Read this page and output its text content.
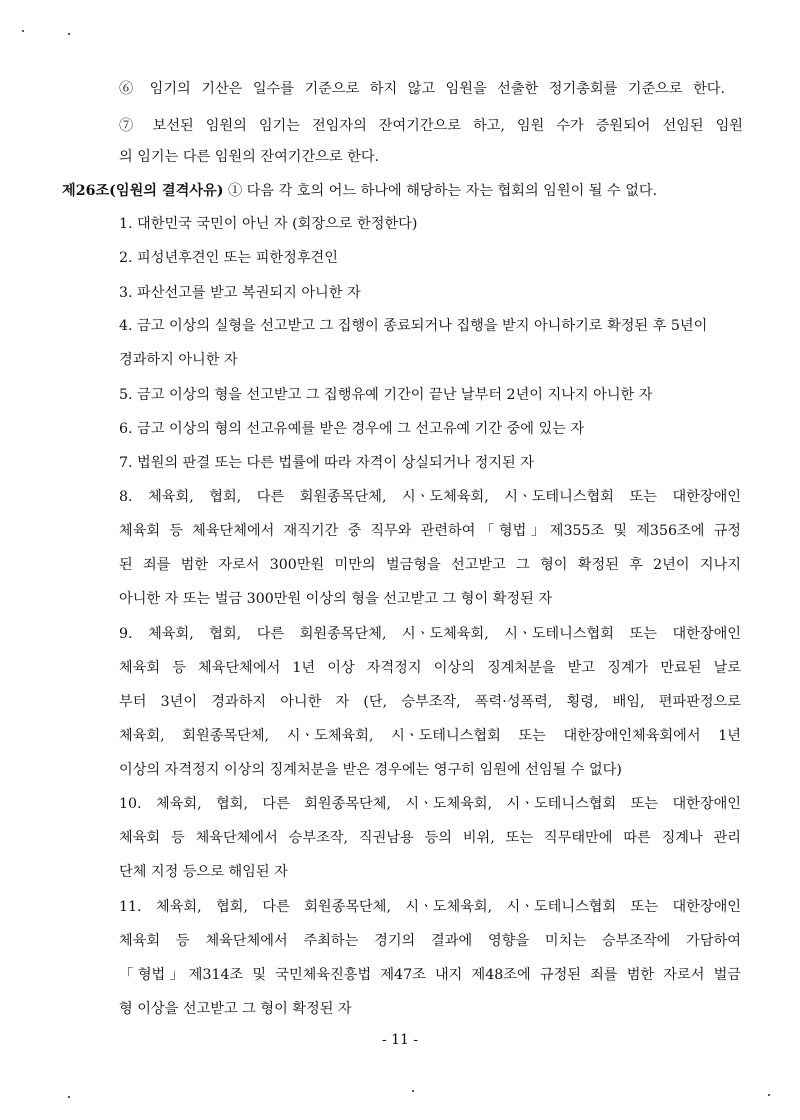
⑥ 임기의 기산은 일수를 기준으로 하지 않고 임원을 선출한 정기총회를 기준으로 한다.
⑦ 보선된 임원의 임기는 전임자의 잔여기간으로 하고, 임원 수가 증원되어 선임된 임원
의 임기는 다른 임원의 잔여기간으로 한다.
제26조(임원의 결격사유) ① 다음 각 호의 어느 하나에 해당하는 자는 협회의 임원이 될 수 없다.
1. 대한민국 국민이 아닌 자 (회장으로 한정한다)
2. 피성년후견인 또는 피한정후견인
3. 파산선고를 받고 복권되지 아니한 자
4. 금고 이상의 실형을 선고받고 그 집행이 종료되거나 집행을 받지 아니하기로 확정된 후 5년이
경과하지 아니한 자
5. 금고 이상의 형을 선고받고 그 집행유예 기간이 끝난 날부터 2년이 지나지 아니한 자
6. 금고 이상의 형의 선고유예를 받은 경우에 그 선고유예 기간 중에 있는 자
7. 법원의 판결 또는 다른 법률에 따라 자격이 상실되거나 정지된 자
8. 체육회, 협회, 다른 회원종목단체, 시ㆍ도체육회, 시ㆍ도테니스협회 또는 대한장애인
체육회 등 체육단체에서 재직기간 중 직무와 관련하여「형법」제355조 및 제356조에 규정
된 죄를 범한 자로서 300만원 미만의 벌금형을 선고받고 그 형이 확정된 후 2년이 지나지
아니한 자 또는 벌금 300만원 이상의 형을 선고받고 그 형이 확정된 자
9. 체육회, 협회, 다른 회원종목단체, 시ㆍ도체육회, 시ㆍ도테니스협회 또는 대한장애인
체육회 등 체육단체에서 1년 이상 자격정지 이상의 징계처분을 받고 징계가 만료된 날로
부터 3년이 경과하지 아니한 자 (단, 승부조작, 폭력·성폭력, 횡령, 배임, 편파판정으로
체육회, 회원종목단체, 시ㆍ도체육회, 시ㆍ도테니스협회 또는 대한장애인체육회에서 1년
이상의 자격정지 이상의 징계처분을 받은 경우에는 영구히 임원에 선임될 수 없다)
10. 체육회, 협회, 다른 회원종목단체, 시ㆍ도체육회, 시ㆍ도테니스협회 또는 대한장애인
체육회 등 체육단체에서 승부조작, 직권남용 등의 비위, 또는 직무태만에 따른 징계나 관리
단체 지정 등으로 해임된 자
11. 체육회, 협회, 다른 회원종목단체, 시ㆍ도체육회, 시ㆍ도테니스협회 또는 대한장애인
체육회 등 체육단체에서 주최하는 경기의 결과에 영향을 미치는 승부조작에 가담하여
「형법」제314조 및 국민체육진흥법 제47조 내지 제48조에 규정된 죄를 범한 자로서 벌금
형 이상을 선고받고 그 형이 확정된 자
- 11 -
